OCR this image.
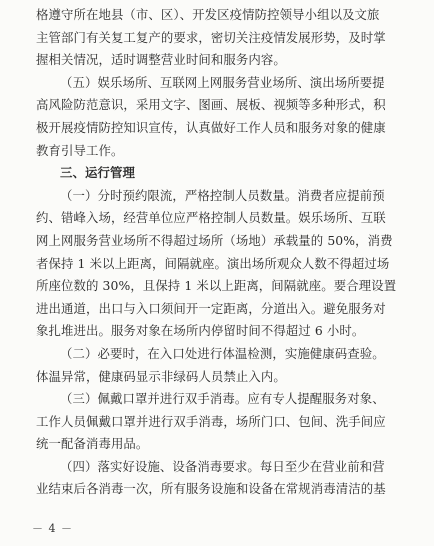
格遵守所在地县（市、区）、开发区疫情防控领导小组以及文旅
主管部门有关复工复产的要求，密切关注疫情发展形势，及时掌
握相关情况，适时调整营业时间和服务内容。
（五）娱乐场所、互联网上网服务营业场所、演出场所要提
高风险防范意识，采用文字、图画、展板、视频等多种形式，积
极开展疫情防控知识宣传，认真做好工作人员和服务对象的健康
教育引导工作。
三、运行管理
（一）分时预约限流，严格控制人员数量。消费者应提前预
约、错峰入场，经营单位应严格控制人员数量。娱乐场所、互联
网上网服务营业场所不得超过场所（场地）承载量的 50%，消费
者保持 1 米以上距离，间隔就座。演出场所观众人数不得超过场
所座位数的 30%，且保持 1 米以上距离，间隔就座。要合理设置
进出通道，出口与入口须间开一定距离，分道出入。避免服务对
象扎堆进出。服务对象在场所内停留时间不得超过 6 小时。
（二）必要时，在入口处进行体温检测，实施健康码查验。
体温异常，健康码显示非绿码人员禁止入内。
（三）佩戴口罩并进行双手消毒。应有专人提醒服务对象、
工作人员佩戴口罩并进行双手消毒，场所门口、包间、洗手间应
统一配备消毒用品。
（四）落实好设施、设备消毒要求。每日至少在营业前和营
业结束后各消毒一次，所有服务设施和设备在常规消毒清洁的基
－ 4 －
